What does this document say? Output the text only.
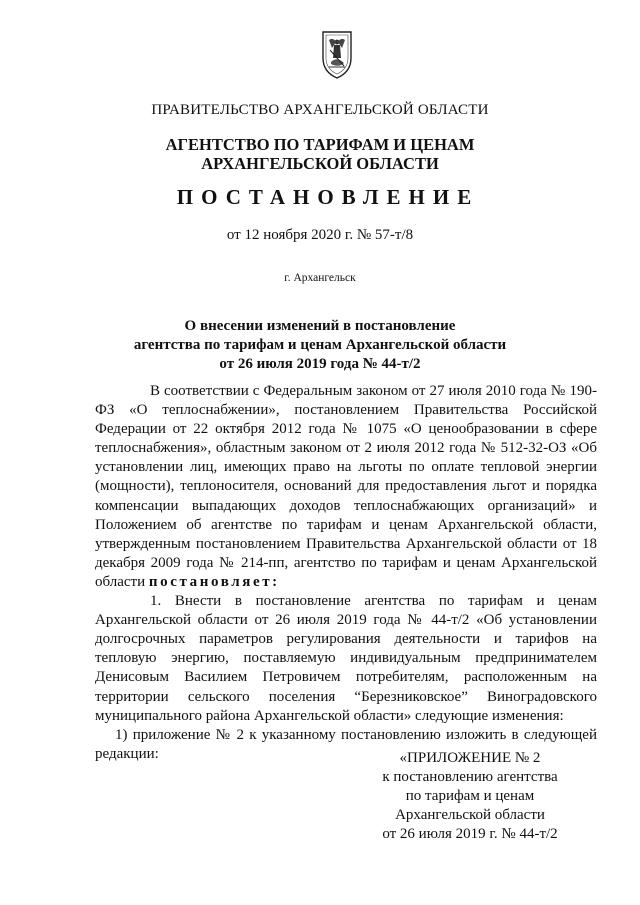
ПРАВИТЕЛЬСТВО АРХАНГЕЛЬСКОЙ ОБЛАСТИ
АГЕНТСТВО ПО ТАРИФАМ И ЦЕНАМ
АРХАНГЕЛЬСКОЙ ОБЛАСТИ
ПОСТАНОВЛЕНИЕ
от 12 ноября 2020 г. № 57-т/8
г. Архангельск
О внесении изменений в постановление
агентства по тарифам и ценам Архангельской области
от 26 июля 2019 года № 44-т/2

В соответствии с Федеральным законом от 27 июля 2010 года № 190-ФЗ «О теплоснабжении», постановлением Правительства Российской Федерации от 22 октября 2012 года № 1075 «О ценообразовании в сфере теплоснабжения», областным законом от 2 июля 2012 года № 512-32-ОЗ «Об установлении лиц, имеющих право на льготы по оплате тепловой энергии (мощности), теплоносителя, оснований для предоставления льгот и порядка компенсации выпадающих доходов теплоснабжающих организаций» и Положением об агентстве по тарифам и ценам Архангельской области, утвержденным постановлением Правительства Архангельской области от 18 декабря 2009 года № 214-пп, агентство по тарифам и ценам Архангельской области постановляет:

1. Внести в постановление агентства по тарифам и ценам Архангельской области от 26 июля 2019 года № 44-т/2 «Об установлении долгосрочных параметров регулирования деятельности и тарифов на тепловую энергию, поставляемую индивидуальным предпринимателем Денисовым Василием Петровичем потребителям, расположенным на территории сельского поселения “Березниковское” Виноградовского муниципального района Архангельской области» следующие изменения:

1) приложение № 2 к указанному постановлению изложить в следующей редакции:	«ПРИЛОЖЕНИЕ № 2
к постановлению агентства
по тарифам и ценам
Архангельской области
от 26 июля 2019 г. № 44-т/2
